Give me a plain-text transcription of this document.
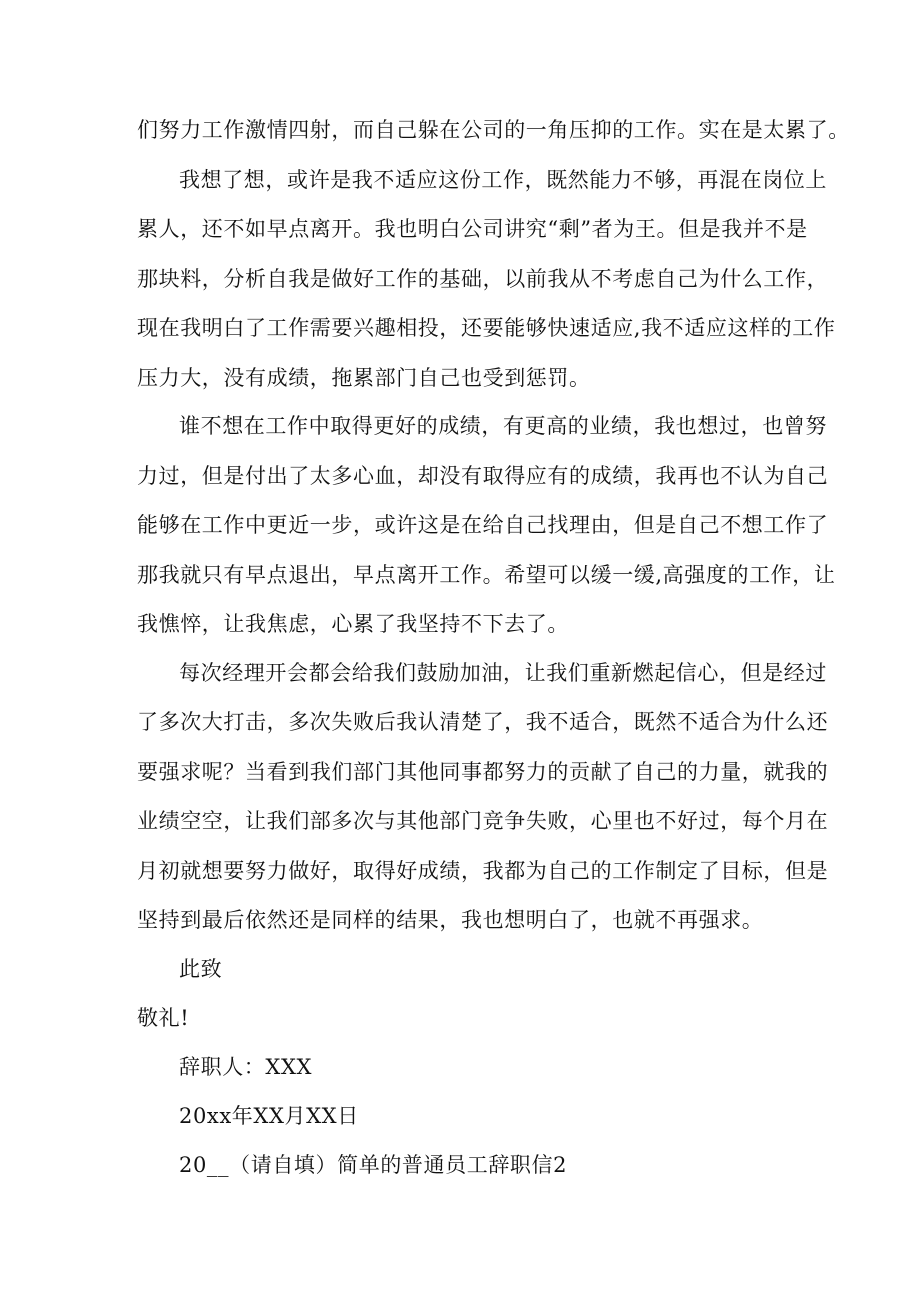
们努力工作激情四射，而自己躲在公司的一角压抑的工作。实在是太累了。
我想了想，或许是我不适应这份工作，既然能力不够，再混在岗位上
累人，还不如早点离开。我也明白公司讲究“剩”者为王。但是我并不是
那块料，分析自我是做好工作的基础，以前我从不考虑自己为什么工作，
现在我明白了工作需要兴趣相投，还要能够快速适应,我不适应这样的工作
压力大，没有成绩，拖累部门自己也受到惩罚。
谁不想在工作中取得更好的成绩，有更高的业绩，我也想过，也曾努
力过，但是付出了太多心血，却没有取得应有的成绩，我再也不认为自己
能够在工作中更近一步，或许这是在给自己找理由，但是自己不想工作了
那我就只有早点退出，早点离开工作。希望可以缓一缓,高强度的工作，让
我憔悴，让我焦虑，心累了我坚持不下去了。
每次经理开会都会给我们鼓励加油，让我们重新燃起信心，但是经过
了多次大打击，多次失败后我认清楚了，我不适合，既然不适合为什么还
要强求呢？当看到我们部门其他同事都努力的贡献了自己的力量，就我的
业绩空空，让我们部多次与其他部门竞争失败，心里也不好过，每个月在
月初就想要努力做好，取得好成绩，我都为自己的工作制定了目标，但是
坚持到最后依然还是同样的结果，我也想明白了，也就不再强求。
此致
敬礼!
辞职人：XXX
20xx年XX月XX日
20__（请自填）简单的普通员工辞职信2
